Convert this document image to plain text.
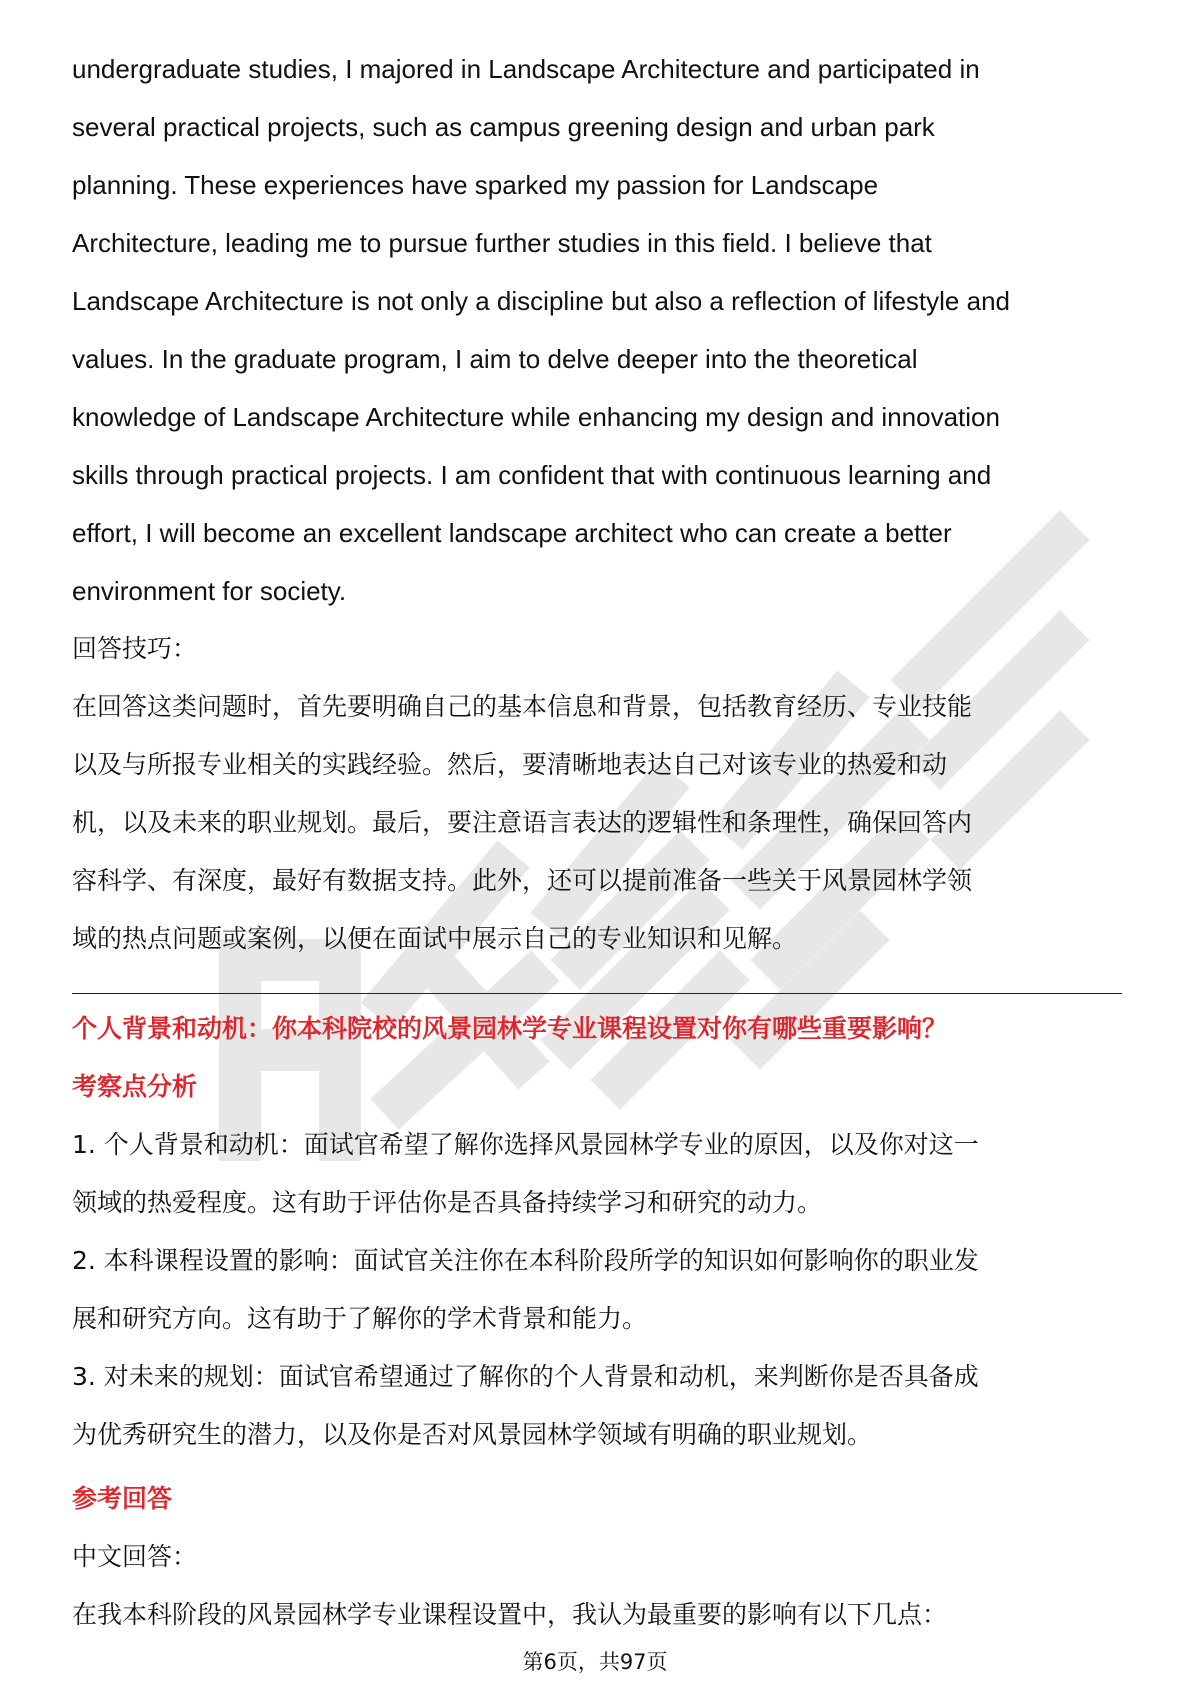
undergraduate studies, I majored in Landscape Architecture and participated in
several practical projects, such as campus greening design and urban park
planning. These experiences have sparked my passion for Landscape
Architecture, leading me to pursue further studies in this field. I believe that
Landscape Architecture is not only a discipline but also a reflection of lifestyle and
values. In the graduate program, I aim to delve deeper into the theoretical
knowledge of Landscape Architecture while enhancing my design and innovation
skills through practical projects. I am confident that with continuous learning and
effort, I will become an excellent landscape architect who can create a better
environment for society.
回答技巧：
在回答这类问题时，首先要明确自己的基本信息和背景，包括教育经历、专业技能
以及与所报专业相关的实践经验。然后，要清晰地表达自己对该专业的热爱和动
机，以及未来的职业规划。最后，要注意语言表达的逻辑性和条理性，确保回答内
容科学、有深度，最好有数据支持。此外，还可以提前准备一些关于风景园林学领
域的热点问题或案例，以便在面试中展示自己的专业知识和见解。
个人背景和动机：你本科院校的风景园林学专业课程设置对你有哪些重要影响？
考察点分析
1. 个人背景和动机：面试官希望了解你选择风景园林学专业的原因，以及你对这一
领域的热爱程度。这有助于评估你是否具备持续学习和研究的动力。
2. 本科课程设置的影响：面试官关注你在本科阶段所学的知识如何影响你的职业发
展和研究方向。这有助于了解你的学术背景和能力。
3. 对未来的规划：面试官希望通过了解你的个人背景和动机，来判断你是否具备成
为优秀研究生的潜力，以及你是否对风景园林学领域有明确的职业规划。
参考回答
中文回答：
在我本科阶段的风景园林学专业课程设置中，我认为最重要的影响有以下几点：
第6页，共97页
